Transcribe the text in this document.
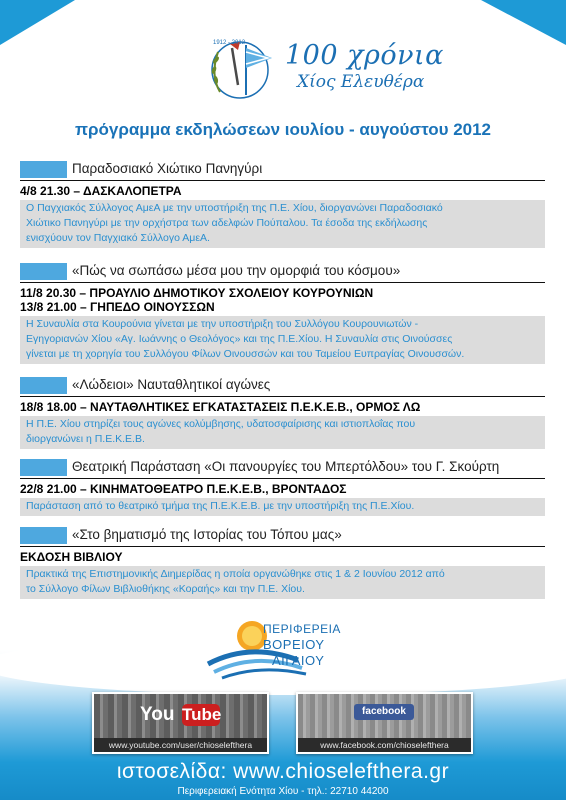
100 χρόνια
Χίος Ελευθέρα
1912 - 2012
πρόγραμμα εκδηλώσεων ιουλίου - αυγούστου 2012
Παραδοσιακό Χιώτικο Πανηγύρι
4/8 21.30 – ΔΑΣΚΑΛΟΠΕΤΡΑ
Ο Παγχιακός Σύλλογος ΑμεΑ με την υποστήριξη της Π.Ε. Χίου, διοργανώνει Παραδοσιακό
Χιώτικο Πανηγύρι με την ορχήστρα των αδελφών Πούπαλου. Τα έσοδα της εκδήλωσης
ενισχύουν τον Παγχιακό Σύλλογο ΑμεΑ.
«Πώς να σωπάσω μέσα μου την ομορφιά του κόσμου»
11/8 20.30 – ΠΡΟΑΥΛΙΟ ΔΗΜΟΤΙΚΟΥ ΣΧΟΛΕΙΟΥ ΚΟΥΡΟΥΝΙΩΝ
13/8 21.00 – ΓΗΠΕΔΟ ΟΙΝΟΥΣΣΩΝ
Η Συναυλία στα Κουρούνια γίνεται με την υποστήριξη του Συλλόγου Κουρουνιωτών -
Εγηγοριανών Χίου «Αγ. Ιωάννης ο Θεολόγος» και της Π.Ε.Χίου. Η Συναυλία στις Οινούσσες
γίνεται με τη χορηγία του Συλλόγου Φίλων Οινουσσών και του Ταμείου Ευπραγίας Οινουσσών.
«Λώδειοι» Ναυταθλητικοί αγώνες
18/8 18.00 – ΝΑΥΤΑΘΛΗΤΙΚΕΣ ΕΓΚΑΤΑΣΤΑΣΕΙΣ Π.Ε.Κ.Ε.Β., ΟΡΜΟΣ ΛΩ
Η Π.Ε. Χίου στηρίζει τους αγώνες κολύμβησης, υδατοσφαίρισης και ιστιοπλοΐας που
διοργανώνει η Π.Ε.Κ.Ε.Β.
Θεατρική Παράσταση «Οι πανουργίες του Μπερτόλδου» του Γ. Σκούρτη
22/8 21.00 – ΚΙΝΗΜΑΤΟΘΕΑΤΡΟ Π.Ε.Κ.Ε.Β., ΒΡΟΝΤΑΔΟΣ
Παράσταση από το θεατρικό τμήμα της Π.Ε.Κ.Ε.Β. με την υποστήριξη της Π.Ε.Χίου.
«Στο βηματισμό της Ιστορίας του Τόπου μας»
ΕΚΔΟΣΗ ΒΙΒΛΙΟΥ
Πρακτικά της Επιστημονικής Διημερίδας η οποία οργανώθηκε στις 1 & 2 Ιουνίου 2012 από
το Σύλλογο Φίλων Βιβλιοθήκης «Κοραής» και την Π.Ε. Χίου.
ΠΕΡΙΦΕΡΕΙΑ
ΒΟΡΕΙΟΥ
ΑΙΓΑΙΟΥ
You Tube
www.youtube.com/user/chioselefthera
facebook
www.facebook.com/chioselefthera
ιστοσελίδα: www.chioselefthera.gr
Περιφερειακή Ενότητα Χίου - τηλ.: 22710 44200
